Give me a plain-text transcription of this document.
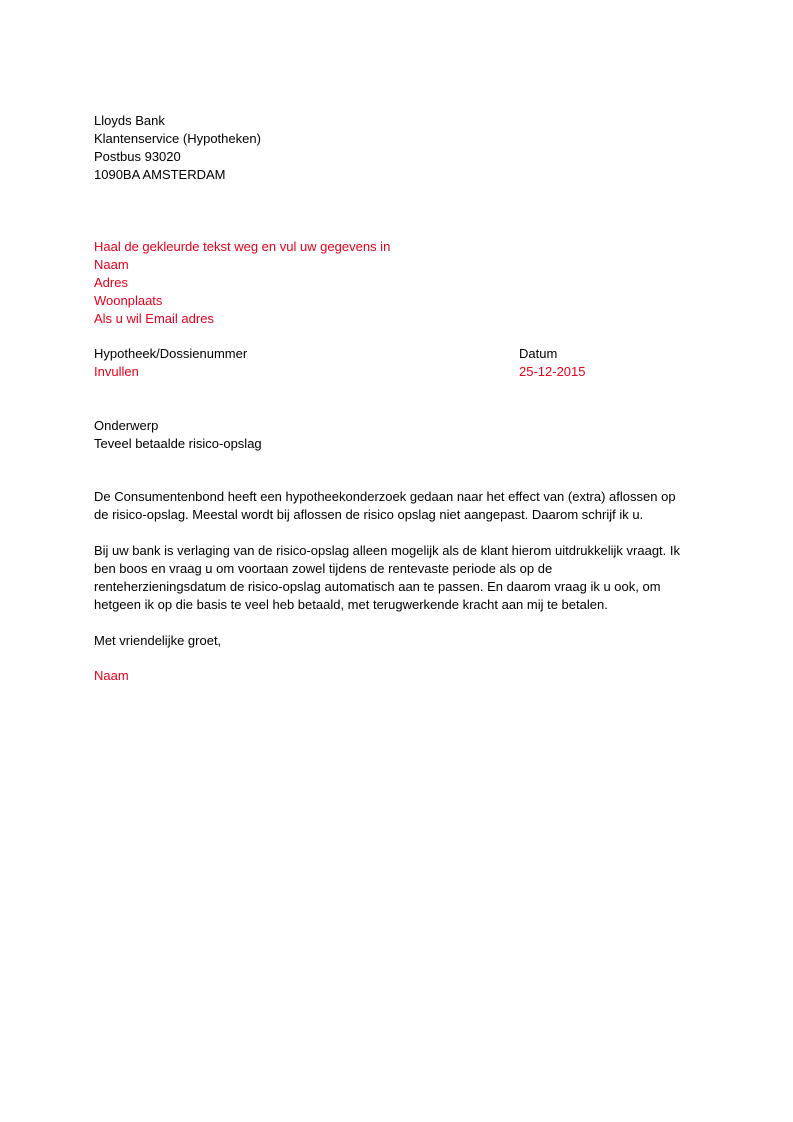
Lloyds Bank
Klantenservice (Hypotheken)
Postbus 93020
1090BA AMSTERDAM
Haal de gekleurde tekst weg en vul uw gegevens in
Naam
Adres
Woonplaats
Als u wil Email adres
Hypotheek/Dossienummer
Invullen
Datum
25-12-2015
Onderwerp
Teveel betaalde risico-opslag
De Consumentenbond heeft een hypotheekonderzoek gedaan naar het effect van (extra) aflossen op
de risico-opslag. Meestal wordt bij aflossen de risico opslag niet aangepast. Daarom schrijf ik u.
Bij uw bank is verlaging van de risico-opslag alleen mogelijk als de klant hierom uitdrukkelijk vraagt. Ik
ben boos en vraag u om voortaan zowel tijdens de rentevaste periode als op de
renteherzieningsdatum de risico-opslag automatisch aan te passen. En daarom vraag ik u ook, om
hetgeen ik op die basis te veel heb betaald, met terugwerkende kracht aan mij te betalen.
Met vriendelijke groet,
Naam
